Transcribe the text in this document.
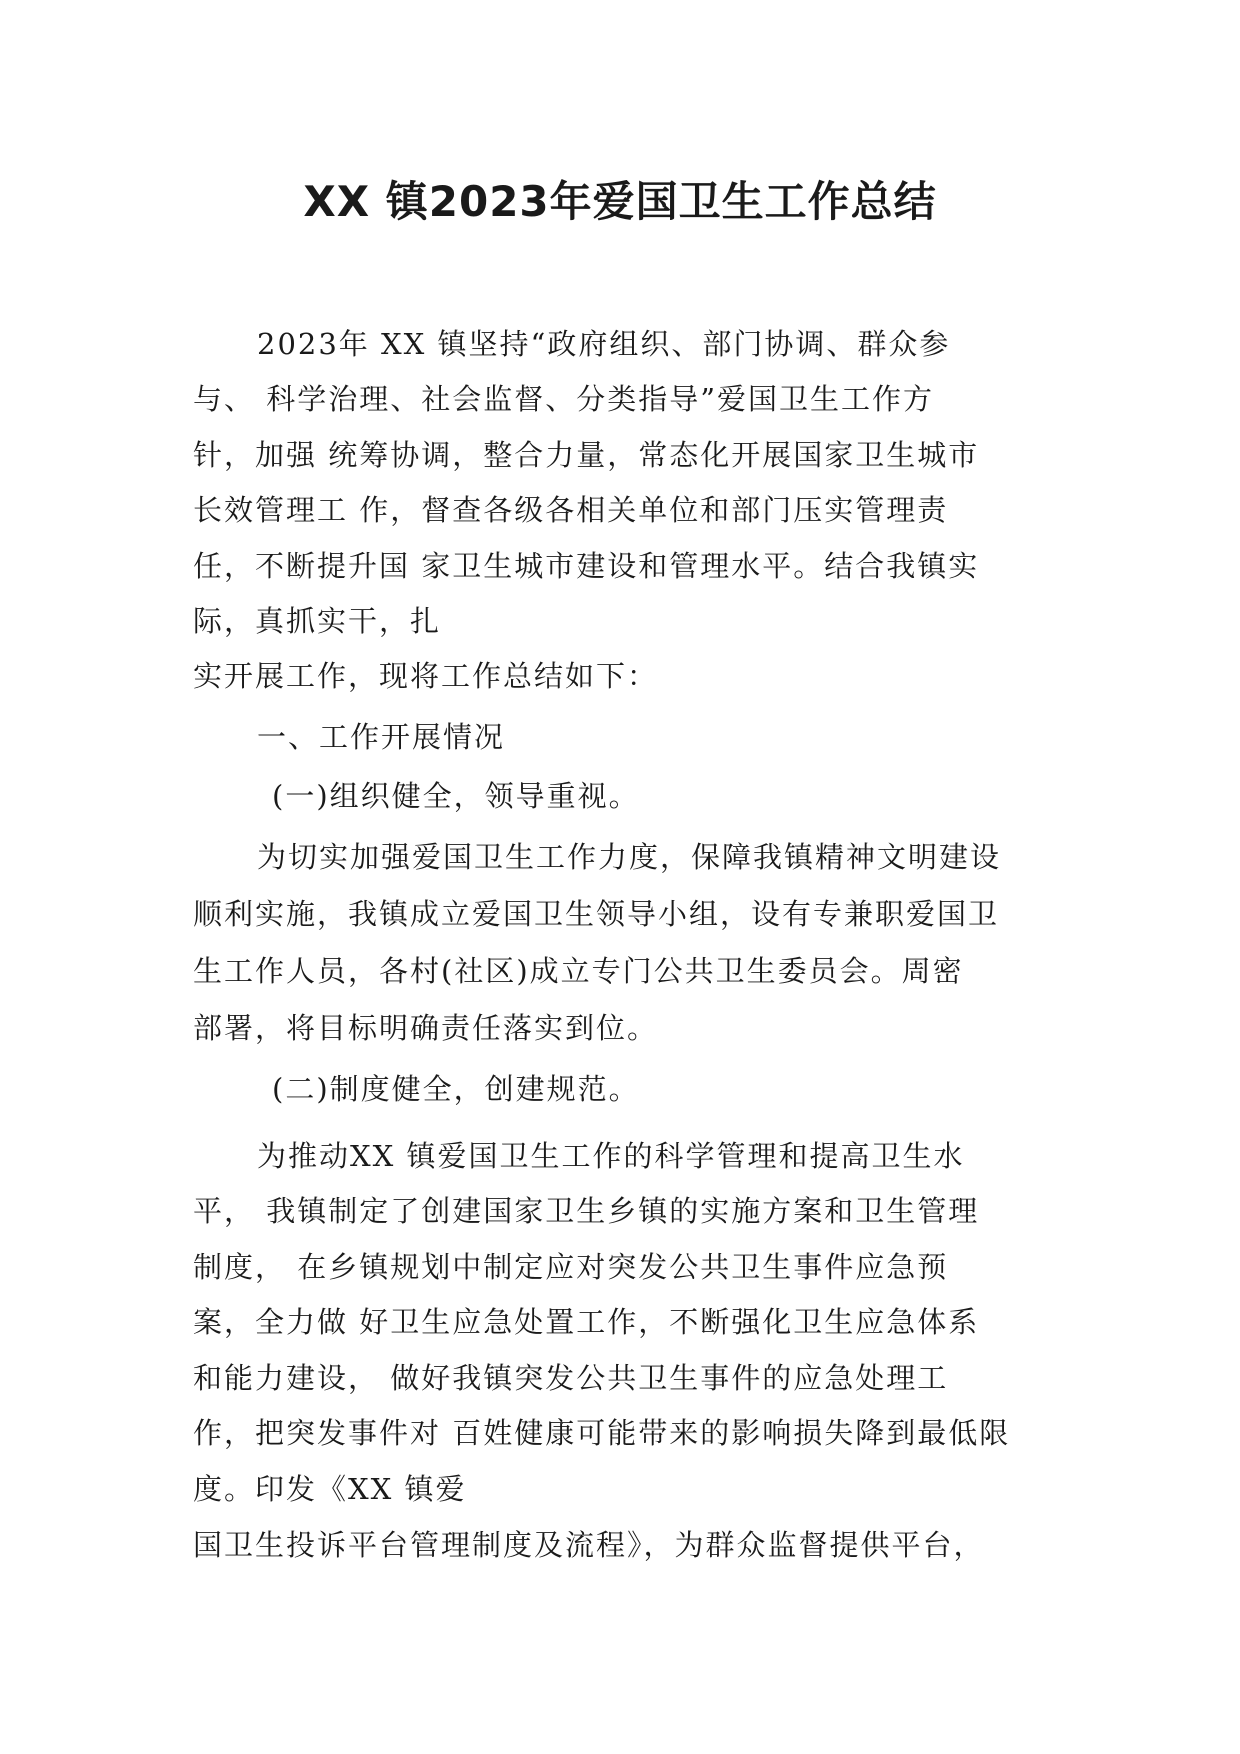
XX 镇2023年爱国卫生工作总结

2023年 XX 镇坚持“政府组织、部门协调、群众参

与、 科学治理、社会监督、分类指导”爱国卫生工作方

针，加强 统筹协调，整合力量，常态化开展国家卫生城市

长效管理工 作，督查各级各相关单位和部门压实管理责

任，不断提升国 家卫生城市建设和管理水平。结合我镇实

际，真抓实干，扎

实开展工作，现将工作总结如下：

一、工作开展情况

(一)组织健全，领导重视。

为切实加强爱国卫生工作力度，保障我镇精神文明建设

顺利实施，我镇成立爱国卫生领导小组，设有专兼职爱国卫

生工作人员，各村(社区)成立专门公共卫生委员会。周密

部署，将目标明确责任落实到位。

(二)制度健全，创建规范。

为推动XX 镇爱国卫生工作的科学管理和提高卫生水

平， 我镇制定了创建国家卫生乡镇的实施方案和卫生管理

制度， 在乡镇规划中制定应对突发公共卫生事件应急预

案，全力做 好卫生应急处置工作，不断强化卫生应急体系

和能力建设， 做好我镇突发公共卫生事件的应急处理工

作，把突发事件对 百姓健康可能带来的影响损失降到最低限

度。印发《XX 镇爱

国卫生投诉平台管理制度及流程》，为群众监督提供平台，
